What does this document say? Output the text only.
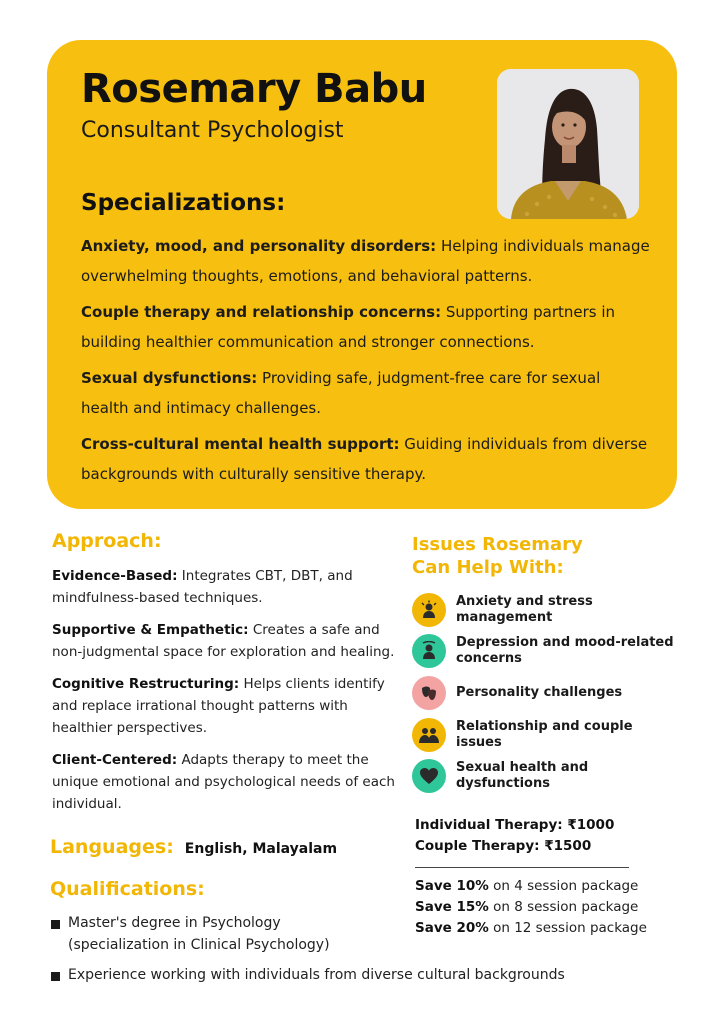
Rosemary Babu
Consultant Psychologist
Specializations:
Anxiety, mood, and personality disorders: Helping individuals manage overwhelming thoughts, emotions, and behavioral patterns.
Couple therapy and relationship concerns: Supporting partners in building healthier communication and stronger connections.
Sexual dysfunctions: Providing safe, judgment-free care for sexual health and intimacy challenges.
Cross-cultural mental health support: Guiding individuals from diverse backgrounds with culturally sensitive therapy.
Approach:
Evidence-Based: Integrates CBT, DBT, and mindfulness-based techniques.
Supportive & Empathetic: Creates a safe and non-judgmental space for exploration and healing.
Cognitive Restructuring: Helps clients identify and replace irrational thought patterns with healthier perspectives.
Client-Centered: Adapts therapy to meet the unique emotional and psychological needs of each individual.
Languages: English, Malayalam
Qualifications:
Master's degree in Psychology (specialization in Clinical Psychology)
Experience working with individuals from diverse cultural backgrounds
Issues Rosemary
Can Help With:
Anxiety and stress management
Depression and mood-related concerns
Personality challenges
Relationship and couple issues
Sexual health and dysfunctions
Individual Therapy: ₹1000
Couple Therapy: ₹1500
Save 10% on 4 session package
Save 15% on 8 session package
Save 20% on 12 session package
